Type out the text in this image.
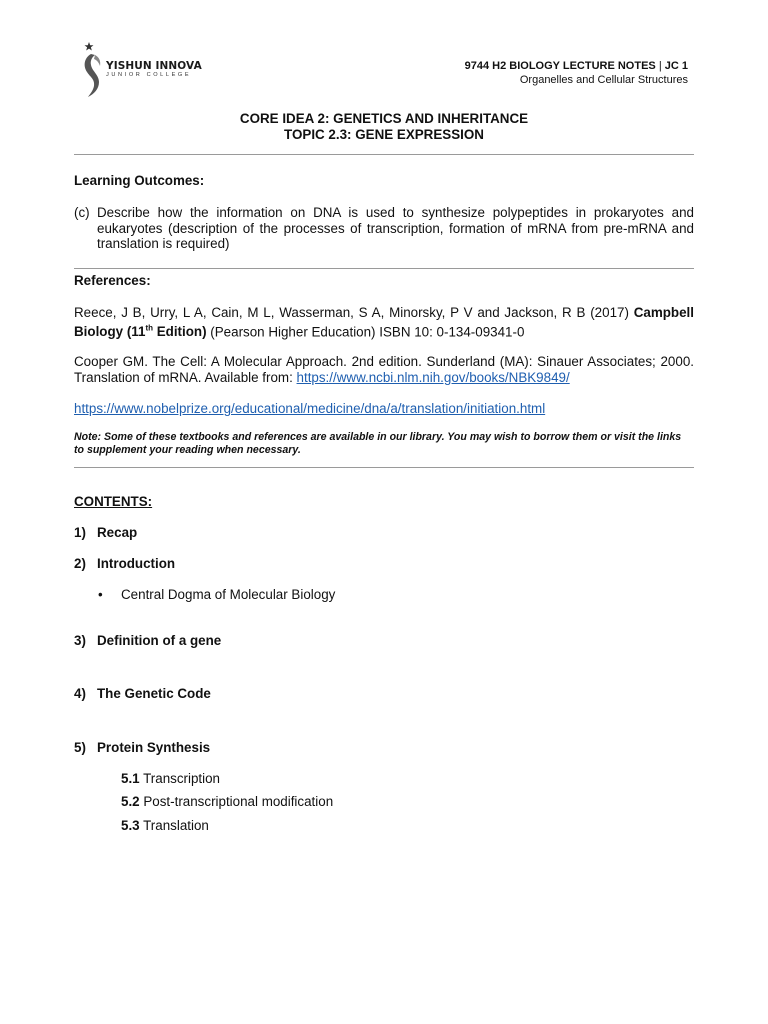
YISHUN INNOVA
JUNIOR COLLEGE
9744 H2 BIOLOGY LECTURE NOTES | JC 1
Organelles and Cellular Structures
CORE IDEA 2: GENETICS AND INHERITANCE
TOPIC 2.3: GENE EXPRESSION
Learning Outcomes:
(c) Describe how the information on DNA is used to synthesize polypeptides in prokaryotes and eukaryotes (description of the processes of transcription, formation of mRNA from pre-mRNA and translation is required)
References:
Reece, J B, Urry, L A, Cain, M L, Wasserman, S A, Minorsky, P V and Jackson, R B (2017) Campbell Biology (11th Edition) (Pearson Higher Education) ISBN 10: 0-134-09341-0
Cooper GM. The Cell: A Molecular Approach. 2nd edition. Sunderland (MA): Sinauer Associates; 2000. Translation of mRNA. Available from: https://www.ncbi.nlm.nih.gov/books/NBK9849/
https://www.nobelprize.org/educational/medicine/dna/a/translation/initiation.html
Note: Some of these textbooks and references are available in our library. You may wish to borrow them or visit the links to supplement your reading when necessary.
CONTENTS:
1) Recap
2) Introduction
• Central Dogma of Molecular Biology
3) Definition of a gene
4) The Genetic Code
5) Protein Synthesis
5.1 Transcription
5.2 Post-transcriptional modification
5.3 Translation
